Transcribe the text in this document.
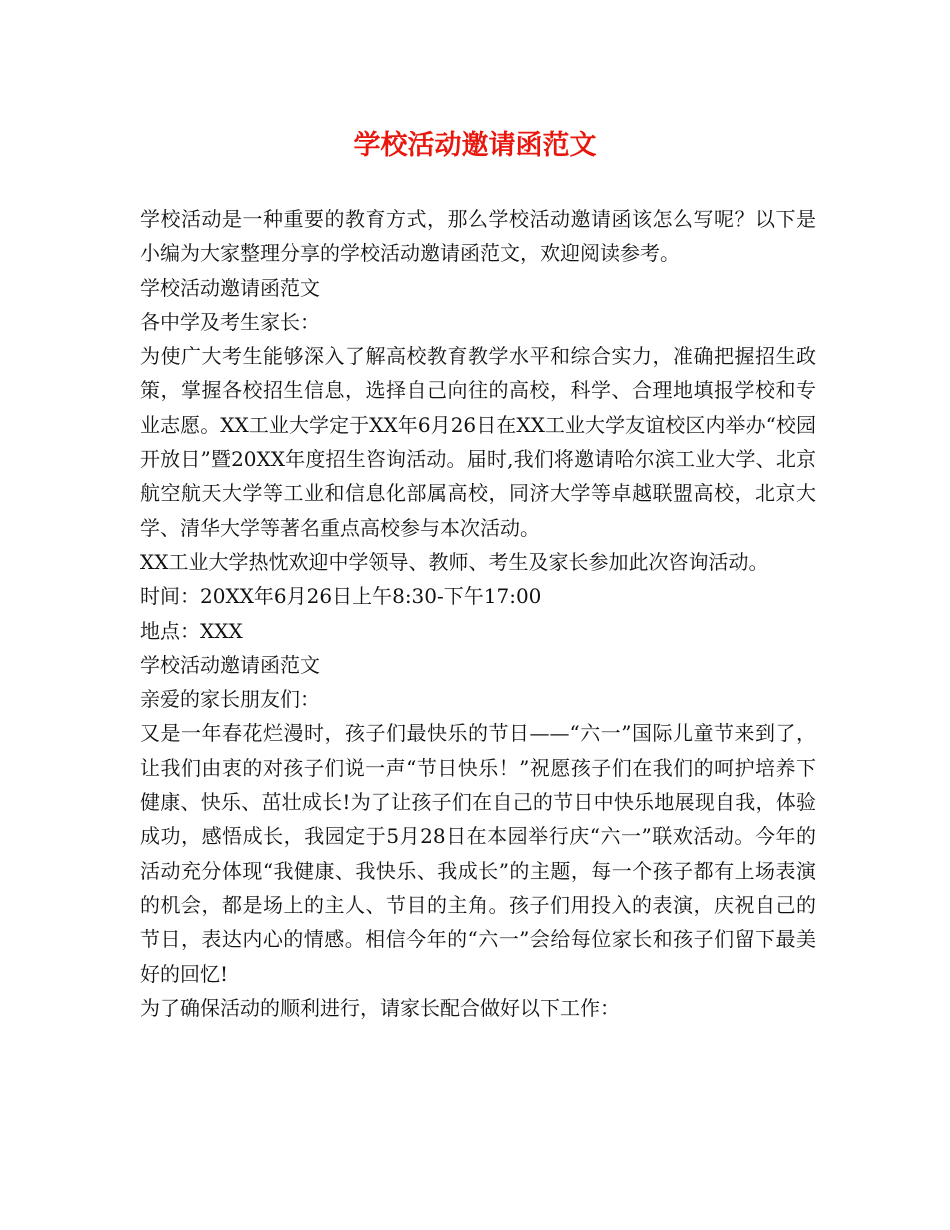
学校活动邀请函范文

学校活动是一种重要的教育方式，那么学校活动邀请函该怎么写呢？以下是小编为大家整理分享的学校活动邀请函范文，欢迎阅读参考。

学校活动邀请函范文

各中学及考生家长：

为使广大考生能够深入了解高校教育教学水平和综合实力，准确把握招生政策，掌握各校招生信息，选择自己向往的高校，科学、合理地填报学校和专业志愿。XX工业大学定于XX年6月26日在XX工业大学友谊校区内举办“校园开放日”暨20XX年度招生咨询活动。届时,我们将邀请哈尔滨工业大学、北京航空航天大学等工业和信息化部属高校，同济大学等卓越联盟高校，北京大学、清华大学等著名重点高校参与本次活动。

XX工业大学热忱欢迎中学领导、教师、考生及家长参加此次咨询活动。

时间：20XX年6月26日上午8:30-下午17:00

地点：XXX

学校活动邀请函范文

亲爱的家长朋友们：

又是一年春花烂漫时，孩子们最快乐的节日——“六一”国际儿童节来到了，让我们由衷的对孩子们说一声“节日快乐！”祝愿孩子们在我们的呵护培养下健康、快乐、茁壮成长!为了让孩子们在自己的节日中快乐地展现自我，体验成功，感悟成长，我园定于5月28日在本园举行庆“六一”联欢活动。今年的活动充分体现“我健康、我快乐、我成长”的主题，每一个孩子都有上场表演的机会，都是场上的主人、节目的主角。孩子们用投入的表演，庆祝自己的节日，表达内心的情感。相信今年的“六一”会给每位家长和孩子们留下最美好的回忆!

为了确保活动的顺利进行，请家长配合做好以下工作：
